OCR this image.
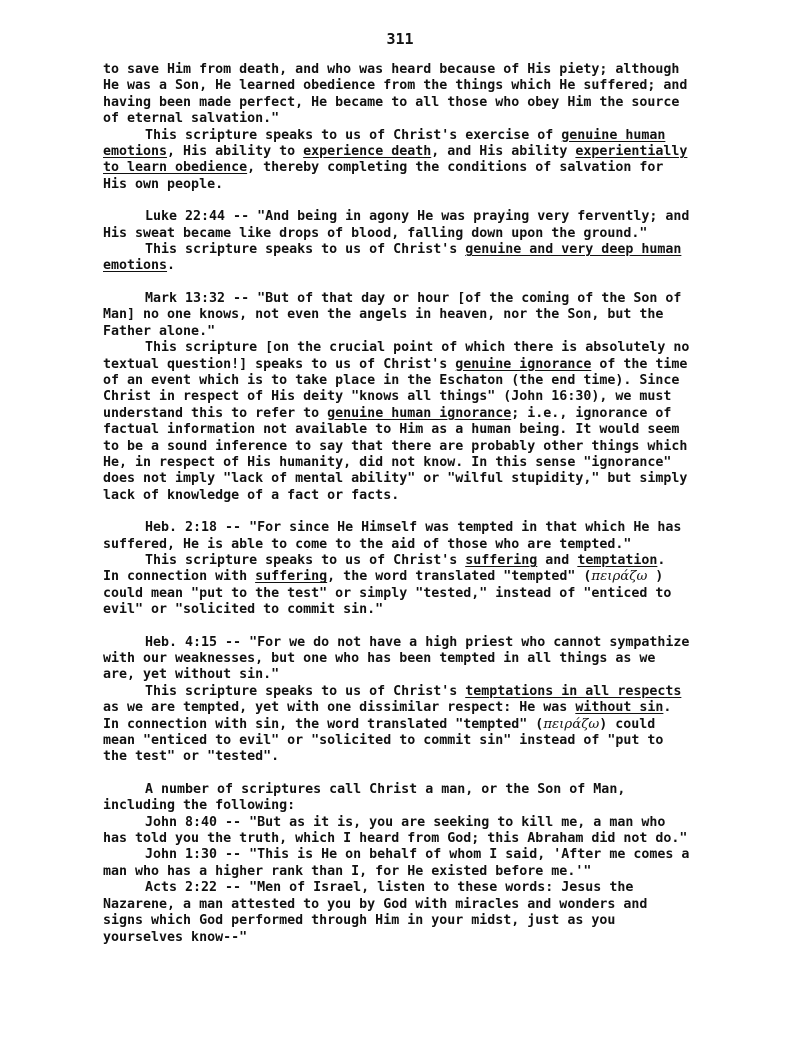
311
to save Him from death, and who was heard because of His piety; although
He was a Son, He learned obedience from the things which He suffered; and
having been made perfect, He became to all those who obey Him the source
of eternal salvation."
This scripture speaks to us of Christ's exercise of genuine human
emotions, His ability to experience death, and His ability experientially
to learn obedience, thereby completing the conditions of salvation for
His own people.
Luke 22:44 -- "And being in agony He was praying very fervently; and
His sweat became like drops of blood, falling down upon the ground."
This scripture speaks to us of Christ's genuine and very deep human
emotions.
Mark 13:32 -- "But of that day or hour [of the coming of the Son of
Man] no one knows, not even the angels in heaven, nor the Son, but the
Father alone."
This scripture [on the crucial point of which there is absolutely no
textual question!] speaks to us of Christ's genuine ignorance of the time
of an event which is to take place in the Eschaton (the end time). Since
Christ in respect of His deity "knows all things" (John 16:30), we must
understand this to refer to genuine human ignorance; i.e., ignorance of
factual information not available to Him as a human being. It would seem
to be a sound inference to say that there are probably other things which
He, in respect of His humanity, did not know. In this sense "ignorance"
does not imply "lack of mental ability" or "wilful stupidity," but simply
lack of knowledge of a fact or facts.
Heb. 2:18 -- "For since He Himself was tempted in that which He has
suffered, He is able to come to the aid of those who are tempted."
This scripture speaks to us of Christ's suffering and temptation.
In connection with suffering, the word translated "tempted" (πειράζω )
could mean "put to the test" or simply "tested," instead of "enticed to
evil" or "solicited to commit sin."
Heb. 4:15 -- "For we do not have a high priest who cannot sympathize
with our weaknesses, but one who has been tempted in all things as we
are, yet without sin."
This scripture speaks to us of Christ's temptations in all respects
as we are tempted, yet with one dissimilar respect: He was without sin.
In connection with sin, the word translated "tempted" (πειράζω) could
mean "enticed to evil" or "solicited to commit sin" instead of "put to
the test" or "tested".
A number of scriptures call Christ a man, or the Son of Man,
including the following:
John 8:40 -- "But as it is, you are seeking to kill me, a man who
has told you the truth, which I heard from God; this Abraham did not do."
John 1:30 -- "This is He on behalf of whom I said, 'After me comes a
man who has a higher rank than I, for He existed before me.'"
Acts 2:22 -- "Men of Israel, listen to these words: Jesus the
Nazarene, a man attested to you by God with miracles and wonders and
signs which God performed through Him in your midst, just as you
yourselves know--"
